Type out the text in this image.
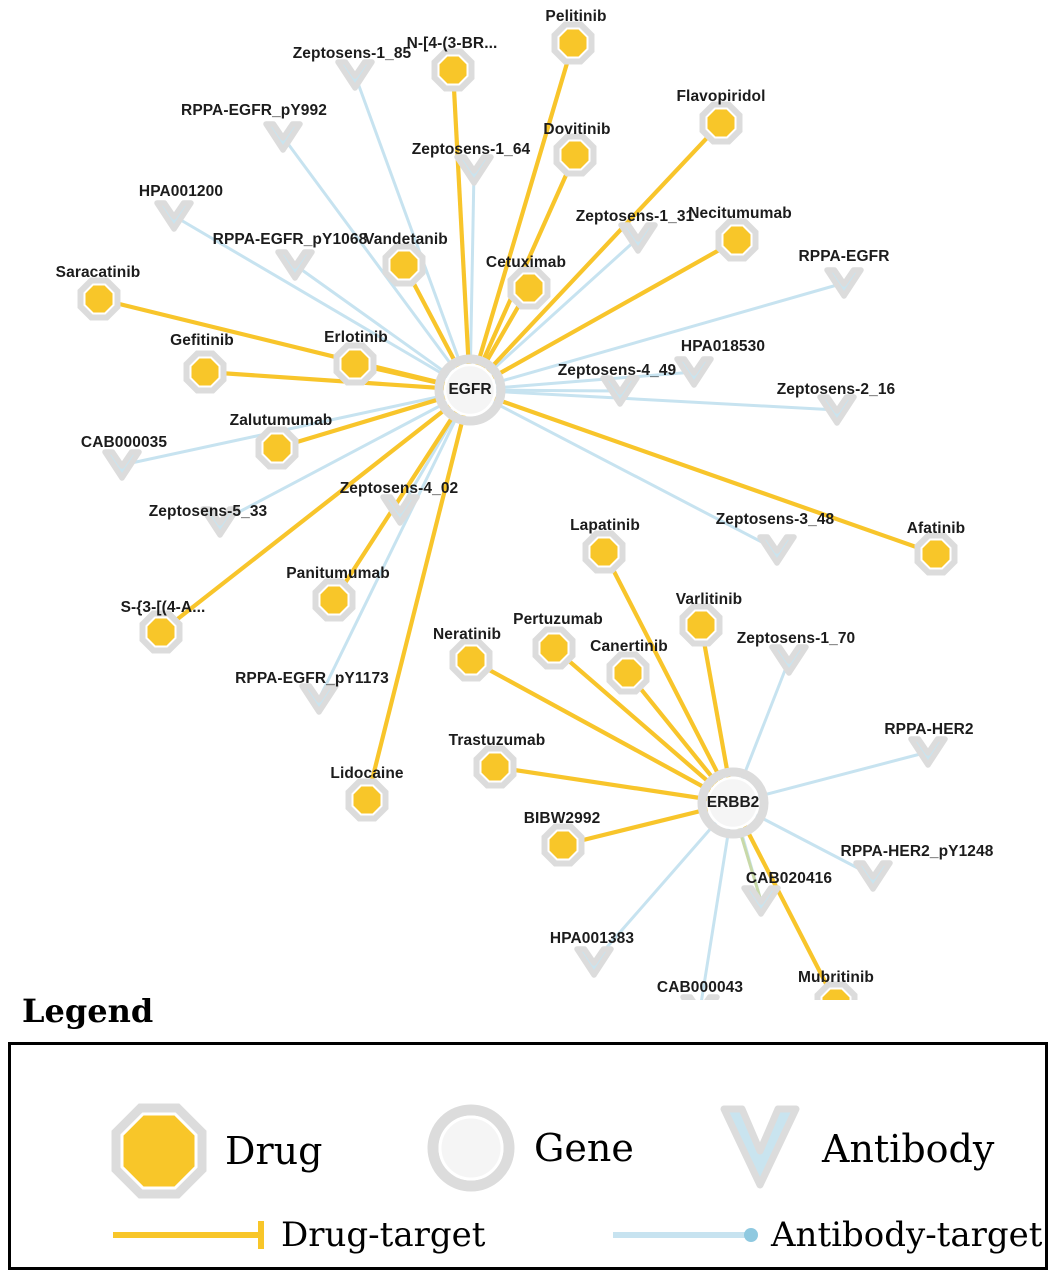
Pelitinib
N-[4-(3-BR...
Flavopiridol
Dovitinib
Necitumumab
Vandetanib
Cetuximab
Saracatinib
Erlotinib
Gefitinib
Zalutumumab
Afatinib
Lapatinib
Varlitinib
Panitumumab
S-{3-[(4-A...
Pertuzumab
Neratinib
Canertinib
Trastuzumab
Lidocaine
BIBW2992
Mubritinib
Zeptosens-1_85
RPPA-EGFR_pY992
Zeptosens-1_64
HPA001200
Zeptosens-1_31
RPPA-EGFR_pY1068
RPPA-EGFR
HPA018530
Zeptosens-4_49
Zeptosens-2_16
CAB000035
Zeptosens-4_02
Zeptosens-5_33	Zeptosens-3_48
Zeptosens-1_70
RPPA-EGFR_pY1173
RPPA-HER2
RPPA-HER2_pY1248
CAB020416
HPA001383
CAB000043
EGFR
ERBB2
Legend
Drug	Gene	Antibody
Drug-target	Antibody-target
